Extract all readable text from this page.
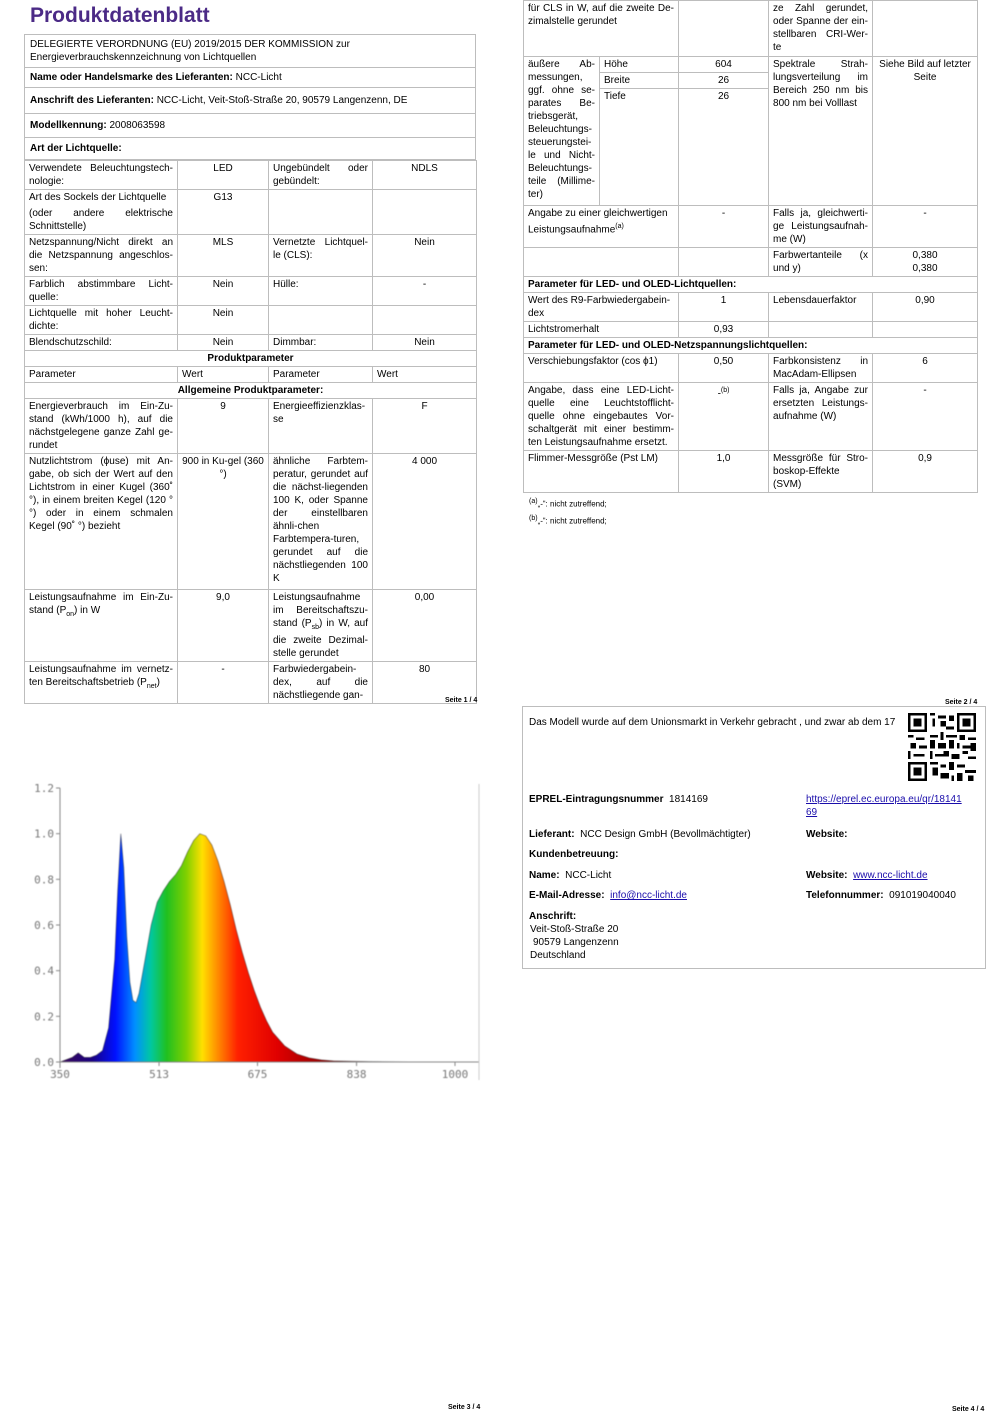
Produktdatenblatt
DELEGIERTE VERORDNUNG (EU) 2019/2015 DER KOMMISSION zur Energieverbrauchskennzeichnung von Lichtquellen
Name oder Handelsmarke des Lieferanten: NCC-Licht
Anschrift des Lieferanten: NCC-Licht, Veit-Stoß-Straße 20, 90579 Langenzenn, DE
Modellkennung: 2008063598
Art der Lichtquelle:
Verwendete Beleuchtungstech-nologie:	LED	Ungebündelt oder gebündelt:	NDLS
Art des Sockels der Lichtquelle

(oder andere elektrische Schnittstelle)	G13		
Netzspannung/Nicht direkt an die Netzspannung angeschlos-sen:	MLS	Vernetzte Lichtquel-le (CLS):	Nein
Farblich abstimmbare Licht-quelle:	Nein	Hülle:	-
Lichtquelle mit hoher Leucht-dichte:	Nein		
Blendschutzschild:	Nein	Dimmbar:	Nein
Produktparameter			
Parameter	Wert	Parameter	Wert
Allgemeine Produktparameter:			
Energieverbrauch im Ein-Zu-stand (kWh/1000 h), auf die nächstgelegene ganze Zahl ge-rundet	9	Energieeffizienzklas-se	F
Nutzlichtstrom (ϕuse) mit An-gabe, ob sich der Wert auf den Lichtstrom in einer Kugel (360˚ °), in einem breiten Kegel (120 °°) oder in einem schmalen Kegel (90˚ °) bezieht	900 in Ku-gel (360 °)	ähnliche Farbtem-peratur, gerundet auf die nächst-liegenden 100 K, oder Spanne der einstellbaren ähnli-chen Farbtempera-turen, gerundet auf die nächstliegenden 100 K	4 000
Leistungsaufnahme im Ein-Zu-stand $(P_{on})$ in W	9,0	Leistungsaufnahme im Bereitschaftszu-stand $(P_{sb})$ in W, auf die zweite Dezimal-stelle gerundet	0,00
Leistungsaufnahme im vernetz-ten Bereitschaftsbetrieb $(P_{net})$	-	Farbwiedergabein-dex, auf die nächstliegende gan-	80
Seite 1 / 4
für CLS in W, auf die zweite De-zimalstelle gerundet			ze Zahl gerundet, oder Spanne der ein-stellbaren CRI-Wer-te	
äußere Ab-messungen, ggf. ohne se-parates Be-triebsgerät, Beleuchtungs-steuerungstei-le und Nicht-Beleuchtungs-teile (Millime-ter)	Höhe	604	Spektrale Strah-lungsverteilung im Bereich 250 nm bis 800 nm bei Volllast	Siehe Bild auf letzter Seite
	Breite	26		
	Tiefe	26		
Angabe zu einer gleichwertigen Leistungsaufnahme$^{(a)}$		-	Falls ja, gleichwerti-ge Leistungsaufnah-me (W)	-
			Farbwertanteile (x und y)	0,380
0,380
Parameter für LED- und OLED-Lichtquellen:				
Wert des R9-Farbwiedergabein-dex		1	Lebensdauerfaktor	0,90
Lichtstromerhalt		0,93		
Parameter für LED- und OLED-Netzspannungslichtquellen:				
Verschiebungsfaktor (cos ϕ1)		0,50	Farbkonsistenz in MacAdam-Ellipsen	6
Angabe, dass eine LED-Licht-quelle eine Leuchtstofflicht-quelle ohne eingebautes Vor-schaltgerät mit einer bestimm-ten Leistungsaufnahme ersetzt.		-$^{(b)}$	Falls ja, Angabe zur ersetzten Leistungs-aufnahme (W)	-
Flimmer-Messgröße (Pst LM)		1,0	Messgröße für Stro-boskop-Effekte (SVM)	0,9
$^{(a)}$„-“: nicht zutreffend;
$^{(b)}$„-“: nicht zutreffend;
Seite 2 / 4
0.0
0.2
0.4
0.6
0.8
1.0
1.2
350	513	675	838	1000
Seite 3 / 4
Das Modell wurde auf dem Unionsmarkt in Verkehr gebracht , und zwar ab dem 17
EPREL-Eintragungsnummer 1814169	https://eprel.ec.europa.eu/qr/1814169
Lieferant: NCC Design GmbH (Bevollmächtigter)	Website:
Kundenbetreuung:
Name: NCC-Licht	Website: www.ncc-licht.de
E-Mail-Adresse: info@ncc-licht.de	Telefonnummer: 091019040040
Anschrift:
Veit-Stoß-Straße 20
90579 Langenzenn
Deutschland
Seite 4 / 4
